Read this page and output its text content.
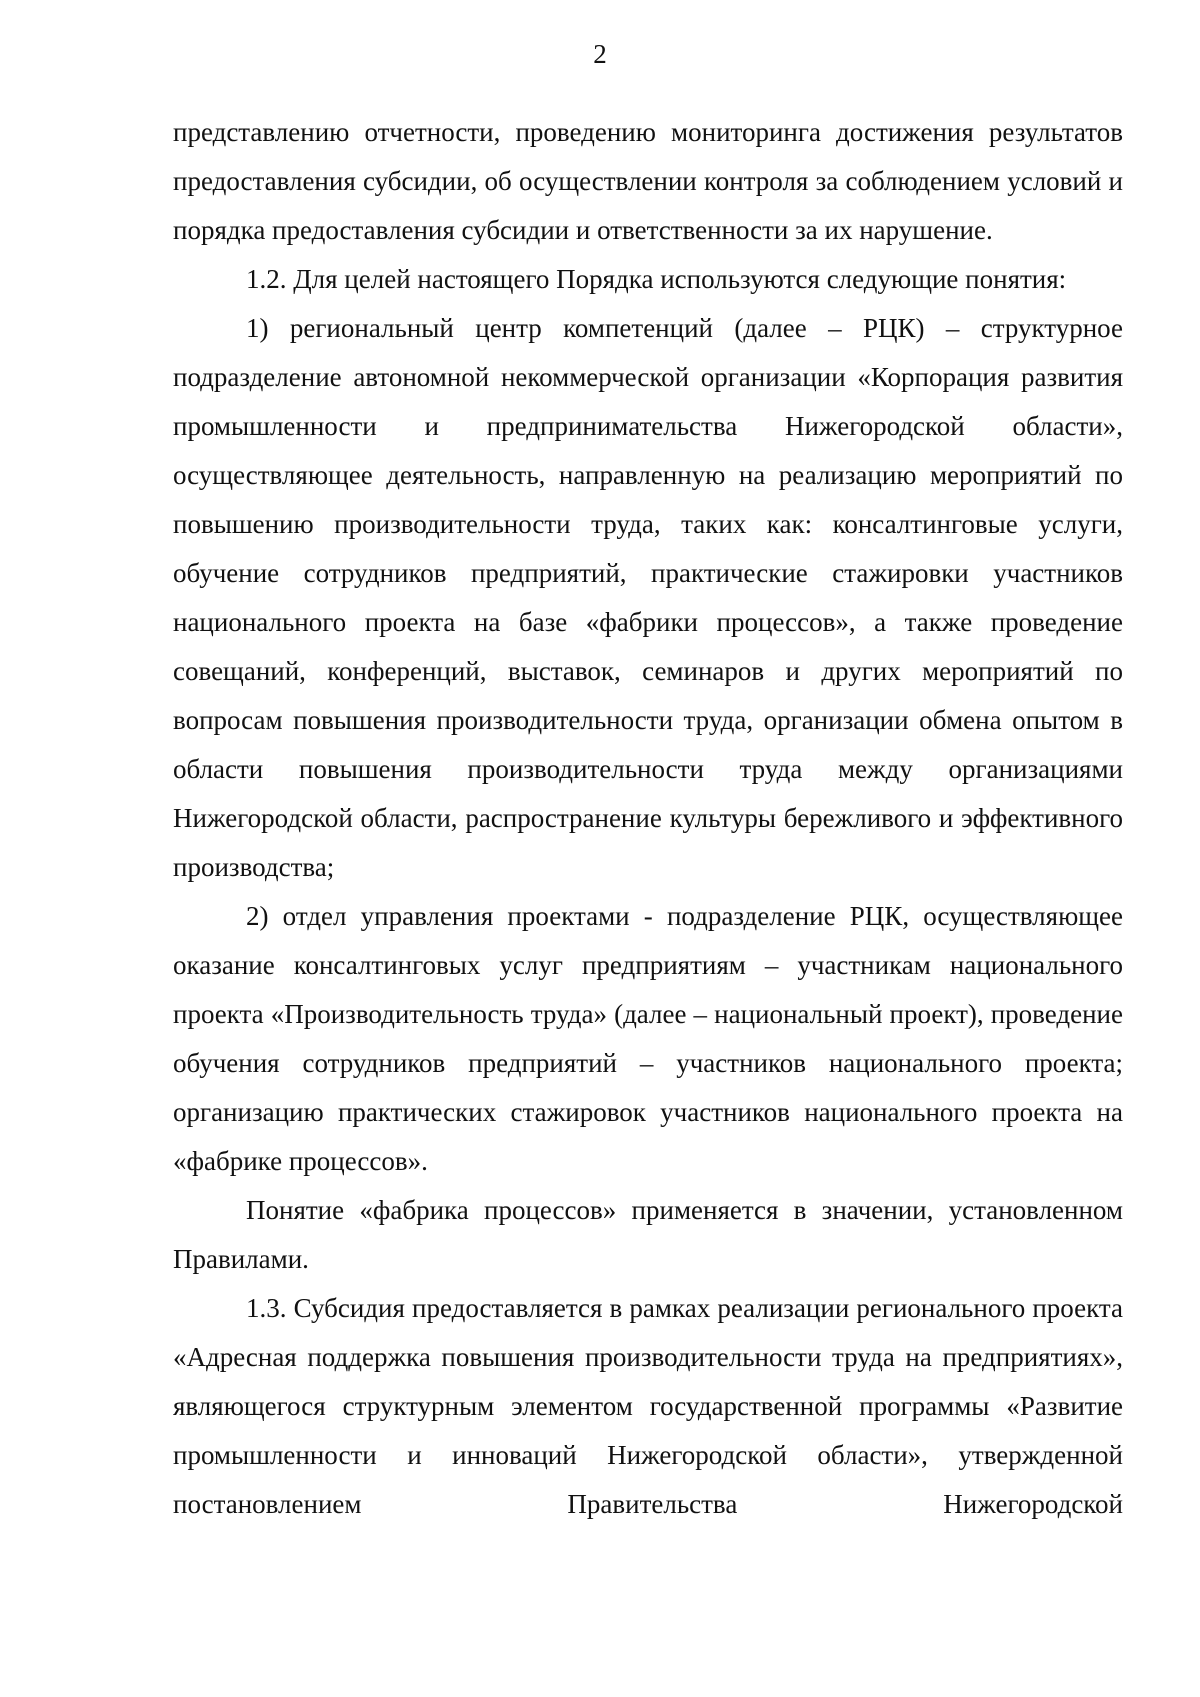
2

представлению отчетности, проведению мониторинга достижения результатов предоставления субсидии, об осуществлении контроля за соблюдением условий и порядка предоставления субсидии и ответственности за их нарушение.

1.2. Для целей настоящего Порядка используются следующие понятия:

1) региональный центр компетенций (далее – РЦК) – структурное подразделение автономной некоммерческой организации «Корпорация развития промышленности и предпринимательства Нижегородской области», осуществляющее деятельность, направленную на реализацию мероприятий по повышению производительности труда, таких как: консалтинговые услуги, обучение сотрудников предприятий, практические стажировки участников национального проекта на базе «фабрики процессов», а также проведение совещаний, конференций, выставок, семинаров и других мероприятий по вопросам повышения производительности труда, организации обмена опытом в области повышения производительности труда между организациями Нижегородской области, распространение культуры бережливого и эффективного производства;

2) отдел управления проектами - подразделение РЦК, осуществляющее оказание консалтинговых услуг предприятиям – участникам национального проекта «Производительность труда» (далее – национальный проект), проведение обучения сотрудников предприятий – участников национального проекта; организацию практических стажировок участников национального проекта на «фабрике процессов».

Понятие «фабрика процессов» применяется в значении, установленном Правилами.

1.3. Субсидия предоставляется в рамках реализации регионального проекта «Адресная поддержка повышения производительности труда на предприятиях», являющегося структурным элементом государственной программы «Развитие промышленности и инноваций Нижегородской области», утвержденной постановлением Правительства Нижегородской
